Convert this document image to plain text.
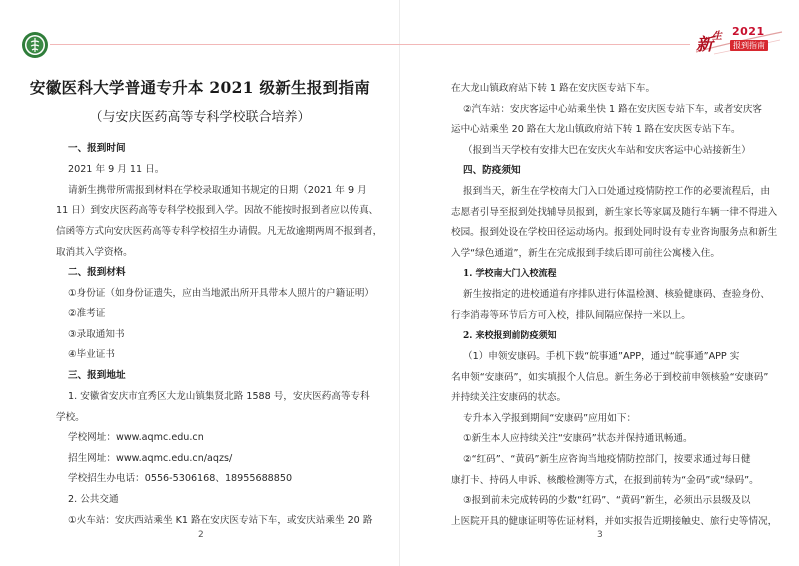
新 生 2021
报到指南
安徽医科大学普通专升本 2021 级新生报到指南
（与安庆医药高等专科学校联合培养）
一、报到时间
2021 年 9 月 11 日。
请新生携带所需报到材料在学校录取通知书规定的日期（2021 年 9 月
11 日）到安庆医药高等专科学校报到入学。因故不能按时报到者应以传真、
信函等方式向安庆医药高等专科学校招生办请假。凡无故逾期两周不报到者，
取消其入学资格。
二、报到材料
①身份证（如身份证遗失，应由当地派出所开具带本人照片的户籍证明）
②准考证
③录取通知书
④毕业证书
三、报到地址
1. 安徽省安庆市宜秀区大龙山镇集贤北路 1588 号，安庆医药高等专科
学校。
学校网址：www.aqmc.edu.cn
招生网址：www.aqmc.edu.cn/aqzs/
学校招生办电话：0556-5306168、18955688850
2. 公共交通
①火车站：安庆西站乘坐 K1 路在安庆医专站下车，或安庆站乘坐 20 路
2
在大龙山镇政府站下转 1 路在安庆医专站下车。
②汽车站：安庆客运中心站乘坐快 1 路在安庆医专站下车，或者安庆客
运中心站乘坐 20 路在大龙山镇政府站下转 1 路在安庆医专站下车。
（报到当天学校有安排大巴在安庆火车站和安庆客运中心站接新生）
四、防疫须知
报到当天，新生在学校南大门入口处通过疫情防控工作的必要流程后，由
志愿者引导至报到处找辅导员报到，新生家长等家属及随行车辆一律不得进入
校园。报到处设在学校田径运动场内。报到处同时设有专业咨询服务点和新生
入学“绿色通道”，新生在完成报到手续后即可前往公寓楼入住。
1. 学校南大门入校流程
新生按指定的进校通道有序排队进行体温检测、核验健康码、查验身份、
行李消毒等环节后方可入校，排队间隔应保持一米以上。
2. 来校报到前防疫须知
（1）申领安康码。手机下载“皖事通”APP，通过“皖事通”APP 实
名申领“安康码”，如实填报个人信息。新生务必于到校前申领核验“安康码”
并持续关注安康码的状态。
专升本入学报到期间“安康码”应用如下：
①新生本人应持续关注“安康码”状态并保持通讯畅通。
②“红码”、“黄码”新生应咨询当地疫情防控部门，按要求通过每日健
康打卡、持码人申诉、核酸检测等方式，在报到前转为“金码”或“绿码”。
③报到前未完成转码的少数“红码”、“黄码”新生，必须出示县级及以
上医院开具的健康证明等佐证材料，并如实报告近期接触史、旅行史等情况，
3
